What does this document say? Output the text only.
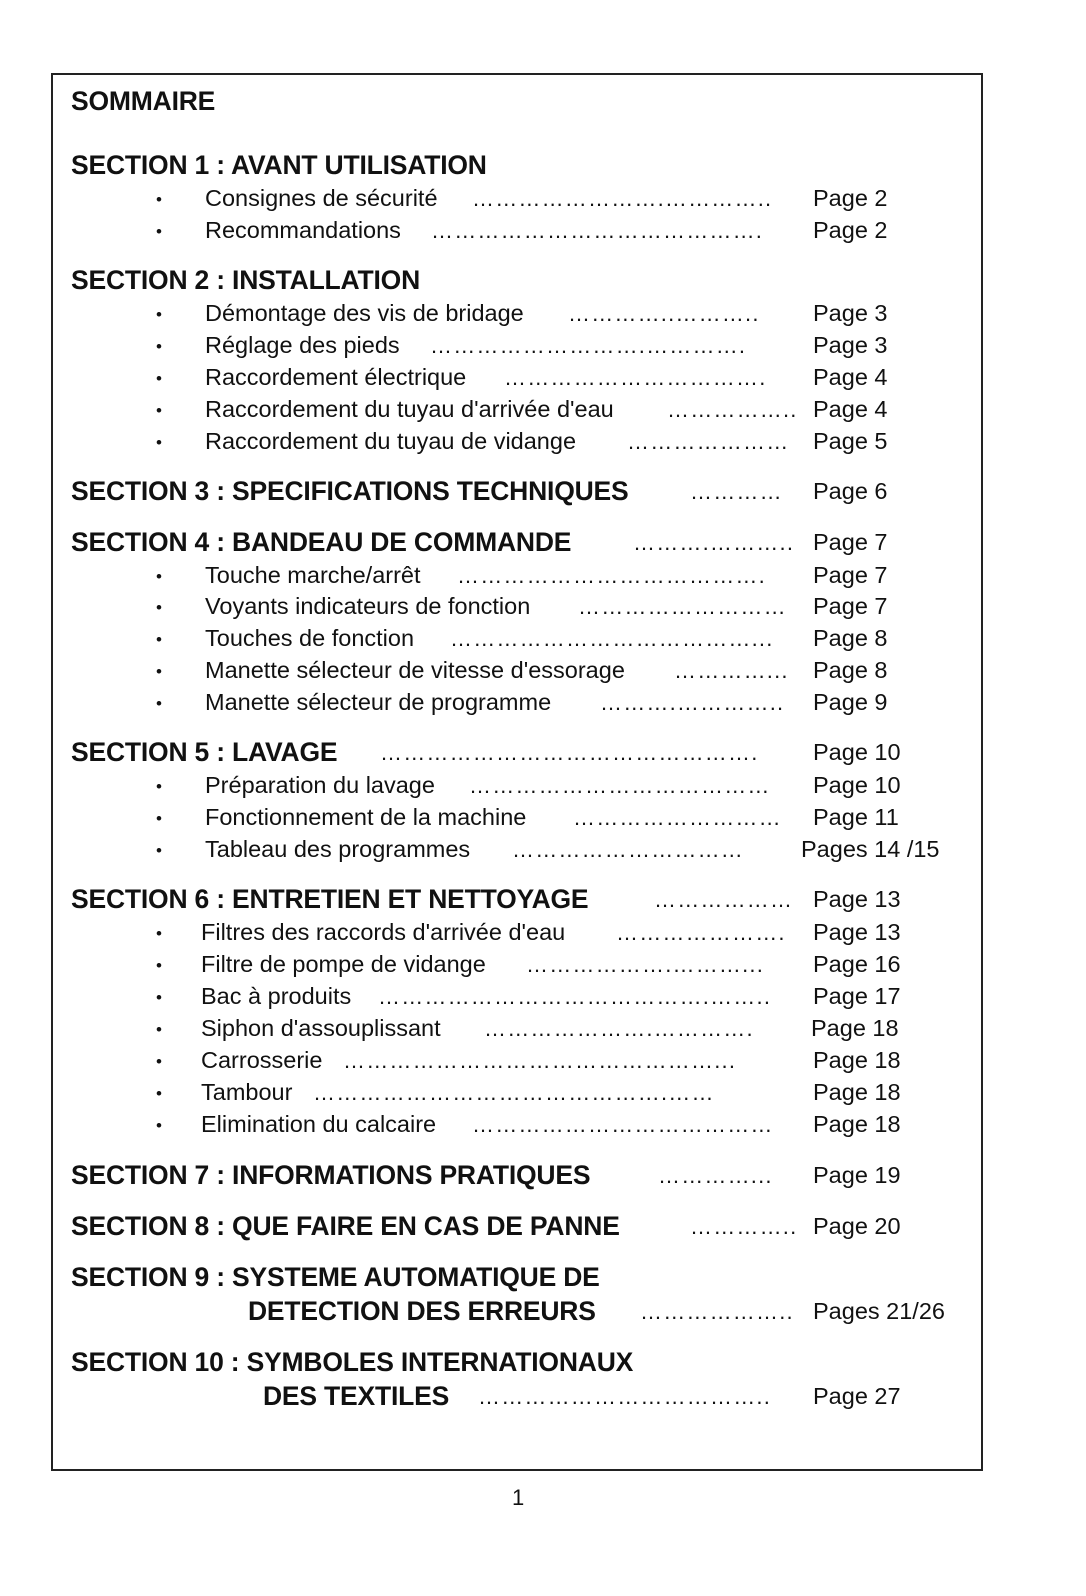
SOMMAIRE
SECTION 1 : AVANT UTILISATION
• Consignes de sécurité …………………….………….. Page 2
• Recommandations ……………………………………. Page 2
SECTION 2 : INSTALLATION
• Démontage des vis de bridage …………..……….. Page 3
• Réglage des pieds ……………………….………….	Page 3
• Raccordement électrique ……………………………. Page 4
• Raccordement du tuyau d'arrivée d'eau …………….. Page 4
• Raccordement du tuyau de vidange ………………… Page 5
SECTION 3 : SPECIFICATIONS TECHNIQUES	………… Page 6
SECTION 4 : BANDEAU DE COMMANDE	……….……….. Page 7
• Touche marche/arrêt …………………………………. Page 7
• Voyants indicateurs de fonction ……………………… Page 7
• Touches de fonction …………………………………... Page 8
• Manette sélecteur de vitesse d'essorage …………... Page 8
• Manette sélecteur de programme ……….………….. Page 9
SECTION 5 : LAVAGE …………………………………………. Page 10
• Préparation du lavage ………………………………… Page 10
• Fonctionnement de la machine ……………………… Page 11
• Tableau des programmes ………………………… Pages 14 /15
SECTION 6 : ENTRETIEN ET NETTOYAGE	……………… Page 13
• Filtres des raccords d'arrivée d'eau …………………. Page 13
• Filtre de pompe de vidange ……………….………... Page 16
• Bac à produits …………………………………….…….. Page 17
• Siphon d'assouplissant ………………….…………. Page 18
• Carrosserie …………………………………………...	Page 18
• Tambour ……………………………………….……	Page 18
• Elimination du calcaire ………………………………… Page 18
SECTION 7 : INFORMATIONS PRATIQUES	…………... Page 19
SECTION 8 : QUE FAIRE EN CAS DE PANNE	………….. Page 20
SECTION 9 : SYSTEME AUTOMATIQUE DE
DETECTION DES ERREURS ……………….. Pages 21/26
SECTION 10 : SYMBOLES INTERNATIONAUX
DES TEXTILES ……………………………….. Page 27
1
